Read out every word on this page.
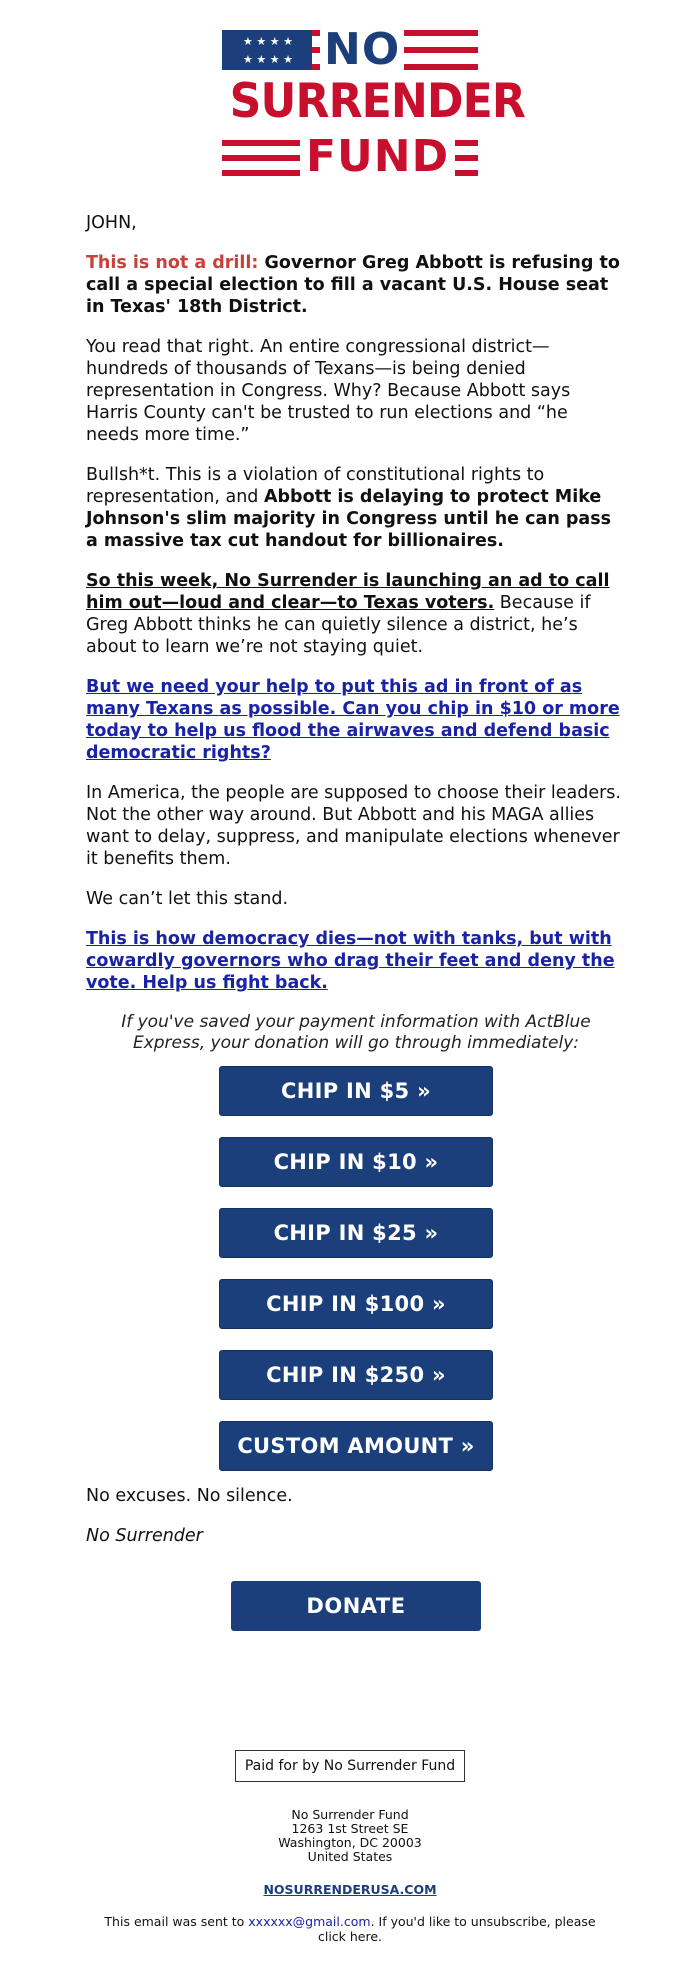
★ ★ ★ ★
★ ★ ★ ★ NO
SURRENDER
FUND

JOHN,

This is not a drill: Governor Greg Abbott is refusing to call a special election to fill a vacant U.S. House seat in Texas' 18th District.

You read that right. An entire congressional district—hundreds of thousands of Texans—is being denied representation in Congress. Why? Because Abbott says Harris County can't be trusted to run elections and “he needs more time.”

Bullsh*t. This is a violation of constitutional rights to representation, and Abbott is delaying to protect Mike Johnson's slim majority in Congress until he can pass a massive tax cut handout for billionaires.

So this week, No Surrender is launching an ad to call him out—loud and clear—to Texas voters. Because if Greg Abbott thinks he can quietly silence a district, he’s about to learn we’re not staying quiet.

But we need your help to put this ad in front of as many Texans as possible. Can you chip in $10 or more today to help us flood the airwaves and defend basic democratic rights?

In America, the people are supposed to choose their leaders. Not the other way around. But Abbott and his MAGA allies want to delay, suppress, and manipulate elections whenever it benefits them.

We can’t let this stand.

This is how democracy dies—not with tanks, but with cowardly governors who drag their feet and deny the vote. Help us fight back.

If you've saved your payment information with ActBlue Express, your donation will go through immediately:
CHIP IN $5 »
CHIP IN $10 »
CHIP IN $25 »
CHIP IN $100 »
CHIP IN $250 »
CUSTOM AMOUNT »

No excuses. No silence.

No Surrender

DONATE
Paid for by No Surrender Fund
No Surrender Fund
1263 1st Street SE
Washington, DC 20003
United States
NOSURRENDERUSA.COM
This email was sent to xxxxxx@gmail.com. If you'd like to unsubscribe, please click here.
